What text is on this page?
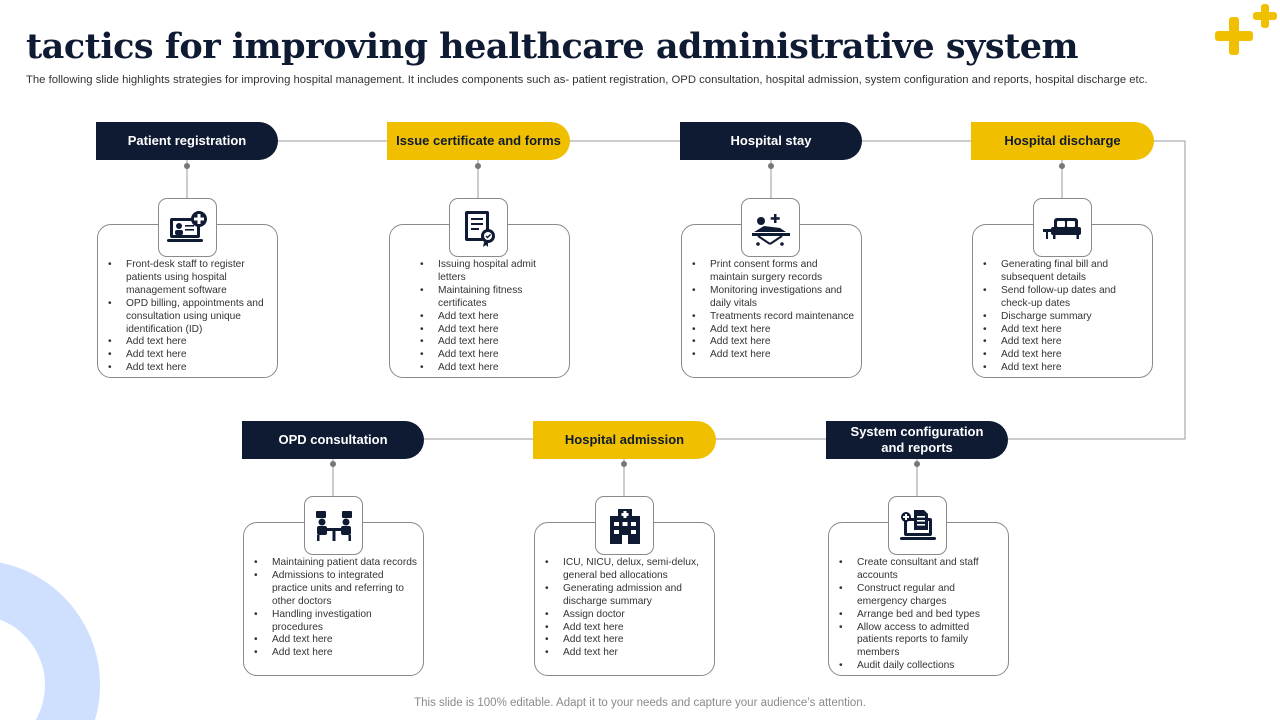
tactics for improving healthcare administrative system

The following slide highlights strategies for improving hospital management. It includes components such as- patient registration, OPD consultation, hospital admission, system configuration and reports, hospital discharge etc.

Patient registration
• Front-desk staff to register patients using hospital management software
• OPD billing, appointments and consultation using unique identification (ID)
• Add text here
• Add text here
• Add text here
Issue certificate and forms
• Issuing hospital admit letters
• Maintaining fitness certificates
• Add text here
• Add text here
• Add text here
• Add text here
• Add text here
Hospital stay
• Print consent forms and maintain surgery records
• Monitoring investigations and daily vitals
• Treatments record maintenance
• Add text here
• Add text here
• Add text here
Hospital discharge
• Generating final bill and subsequent details
• Send follow-up dates and check-up dates
• Discharge summary
• Add text here
• Add text here
• Add text here
• Add text here
OPD consultation
• Maintaining patient data records
• Admissions to integrated practice units and referring to other doctors
• Handling investigation procedures
• Add text here
• Add text here
Hospital admission
• ICU, NICU, delux, semi-delux, general bed allocations
• Generating admission and discharge summary
• Assign doctor
• Add text here
• Add text here
• Add text her
System configuration and reports
• Create consultant and staff accounts
• Construct regular and emergency charges
• Arrange bed and bed types
• Allow access to admitted patients reports to family members
• Audit daily collections

This slide is 100% editable. Adapt it to your needs and capture your audience’s attention.
